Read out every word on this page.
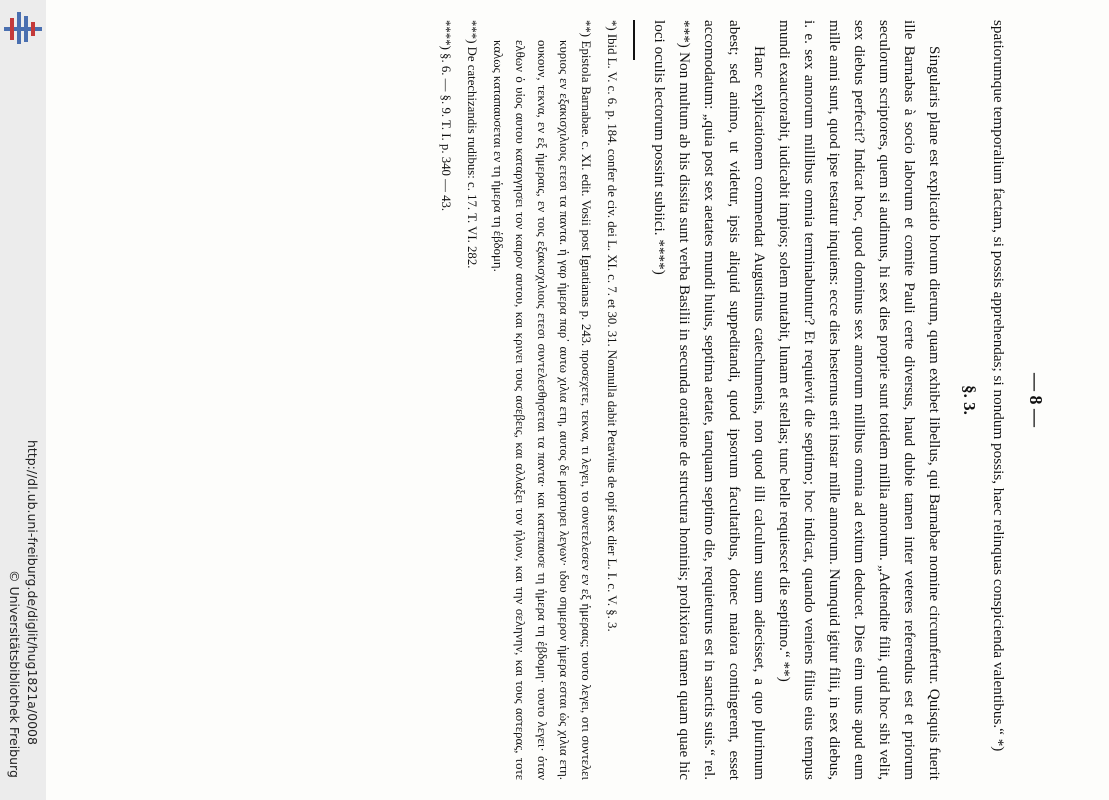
http://dl.ub.uni-freiburg.de/diglit/hug1821a/0008
© Universitätsbibliothek Freiburg
— 8 —

spatiorumque temporalium factam, si possis apprehendas; si nondum possis, haec relinquas conspicienda valentibus.“ *)

§. 3.

Singularis plane est explicatio horum dierum, quam exhibet libellus, qui Barnabae nomine circumfertur. Quisquis fuerit ille Barnabas à socio laborum et comite Pauli certe diversus, haud dubie tamen inter veteres referendus est et priorum seculorum scriptores, quem si audimus, hi sex dies proprie sunt totidem millia annorum. „Adtendite filii, quid hoc sibi velit, sex diebus perfecit? Indicat hoc, quod dominus sex annorum millibus omnia ad exitum deducet. Dies eim unus apud eum mille anni sunt, quod ipse testatur inquiens: ecce dies hesternus erit instar mille annorum. Numquid igitur filii, in sex diebus, i. e. sex annorum millibus omnia terminabuntur? Et requievit die septimo; hoc indicat, quando veniens filius eius tempus mundi exauctorabit, iudicabit impios; solem mutabit, lunam et stellas; tunc belle requiescet die septimo.“ **)

Hanc explicationem commendat Augustinus catechumenis, non quod illi calculum suum adiecisset, a quo plurimum abest; sed animo, ut videtur, ipsis aliquid suppeditandi, quod ipsorum facultatibus, donec maiora contingerent, esset accomodatum: „quia post sex aetates mundi huius, septima aetate, tanquam septimo die, requieturus est in sanctis suis.“ rel. ***) Non multum ab his dissita sunt verba Basilii in secunda oratione de structura hominis; prolixiora tamen quam quae hic loci oculis lectorum possint subiici. ****)

*) Ibid L. V. c. 6. p. 184. confer de civ. dei L. XI. c. 7. et 30. 31. Nonnulla dabit Petavius de opif sex dier L. I. c. V. §. 3.

**) Epistola Barnabae. c. XI. edit. Vosii post Ignatianas p. 243. προσεχετε, τεκνα, τι λεγει, το συνετελεσεν εν εξ ἡμεραις; τουτο λεγει, οτι συντελει κυριος εν εξακισχιλιοις ετεσι τα παντα. ἡ γαρ ἡμερα παρ᾽ αυτω χιλια ετη, αυτος δε μαρτυρει λεγων· ιδου σημερον ἡμερα εσται ὡς χιλια ετη. ουκουν, τεκνα, εν εξ ἡμεραις, εν τοις εξακισχιλιοις ετεσι συντελεσθησεται τα παντα· και κατεπαυσε τη ἡμερα τη ἑβδομη· τουτο λεγει· όταν ελθων ὁ υἱος αυτου καταργησει τον καιρον αυτου, και κρινει τους ασεβεις, και αλλαξει τον ἡλιον, και την σεληνην, και τους αστερας, τοτε καλως καταπαυσεται εν τη ἡμερα τη ἑβδομη.

***) De catechizandis rudibus: c. 17. T. VI. 282.

****) §. 6. — §. 9. T. I. p. 340 — 43.
